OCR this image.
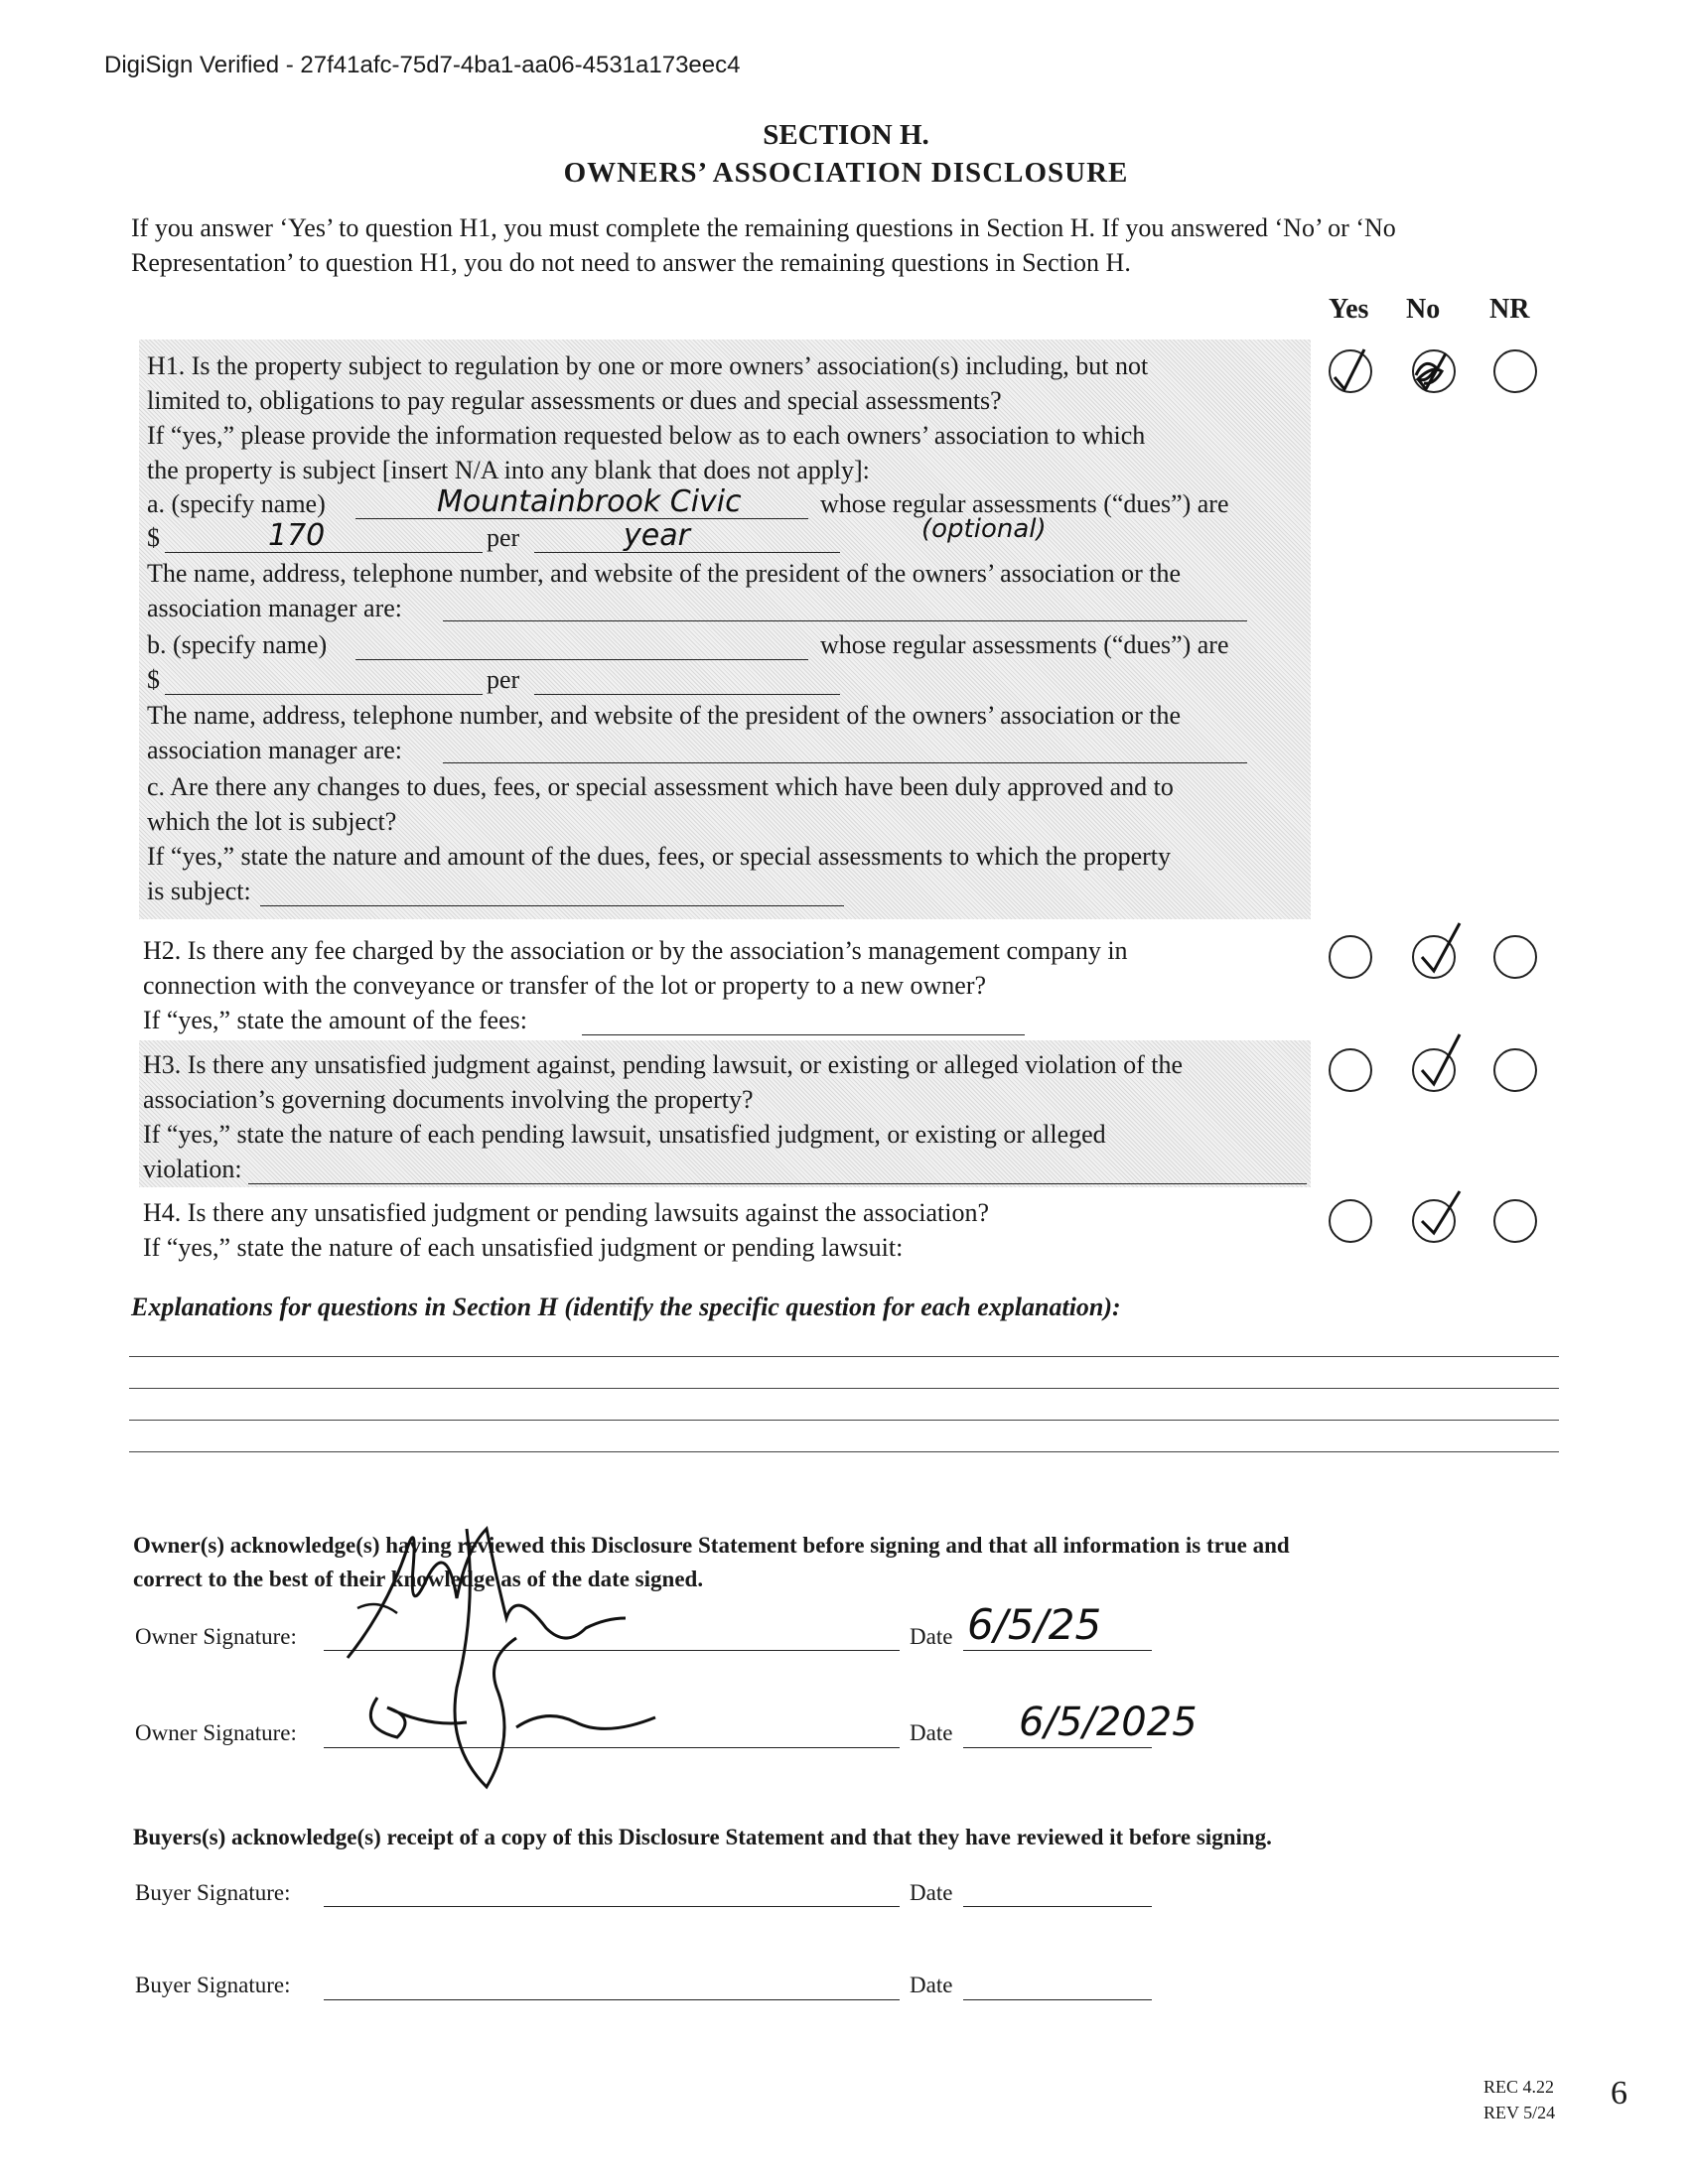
DigiSign Verified - 27f41afc-75d7-4ba1-aa06-4531a173eec4
SECTION H.
OWNERS’ ASSOCIATION DISCLOSURE
If you answer ‘Yes’ to question H1, you must complete the remaining questions in Section H. If you answered ‘No’ or ‘No
Representation’ to question H1, you do not need to answer the remaining questions in Section H.
Yes No NR
H1. Is the property subject to regulation by one or more owners’ association(s) including, but not
limited to, obligations to pay regular assessments or dues and special assessments?
If “yes,” please provide the information requested below as to each owners’ association to which
the property is subject [insert N/A into any blank that does not apply]:
a. (specify name)	Mountainbrook Civic	whose regular assessments (“dues”) are
$	170	per	year	(optional)
The name, address, telephone number, and website of the president of the owners’ association or the
association manager are:
b. (specify name)	whose regular assessments (“dues”) are
$	per
The name, address, telephone number, and website of the president of the owners’ association or the
association manager are:
c. Are there any changes to dues, fees, or special assessment which have been duly approved and to
which the lot is subject?
If “yes,” state the nature and amount of the dues, fees, or special assessments to which the property
is subject:
H2. Is there any fee charged by the association or by the association’s management company in
connection with the conveyance or transfer of the lot or property to a new owner?
If “yes,” state the amount of the fees:
H3. Is there any unsatisfied judgment against, pending lawsuit, or existing or alleged violation of the
association’s governing documents involving the property?
If “yes,” state the nature of each pending lawsuit, unsatisfied judgment, or existing or alleged
violation:
H4. Is there any unsatisfied judgment or pending lawsuits against the association?
If “yes,” state the nature of each unsatisfied judgment or pending lawsuit:
Explanations for questions in Section H (identify the specific question for each explanation):
Owner(s) acknowledge(s) having reviewed this Disclosure Statement before signing and that all information is true and
correct to the best of their knowledge as of the date signed.
Owner Signature:	Date 6/5/25
Owner Signature:	Date 6/5/2025
Buyers(s) acknowledge(s) receipt of a copy of this Disclosure Statement and that they have reviewed it before signing.
Buyer Signature:	Date
Buyer Signature:	Date
REC 4.22
REV 5/24
6
